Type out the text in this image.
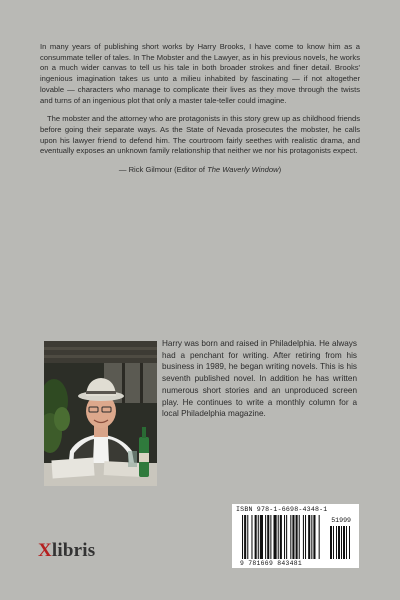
In many years of publishing short works by Harry Brooks, I have come to know him as a consummate teller of tales. In The Mobster and the Lawyer, as in his previous novels, he works on a much wider canvas to tell us his tale in both broader strokes and finer detail. Brooks' ingenious imagination takes us unto a milieu inhabited by fascinating — if not altogether lovable — characters who manage to complicate their lives as they move through the twists and turns of an ingenious plot that only a master tale-teller could imagine.

The mobster and the attorney who are protagonists in this story grew up as childhood friends before going their separate ways. As the State of Nevada prosecutes the mobster, he calls upon his lawyer friend to defend him. The courtroom fairly seethes with realistic drama, and eventually exposes an unknown family relationship that neither we nor his protagonists expect.

— Rick Gilmour (Editor of The Waverly Window)

Harry was born and raised in Philadelphia. He always had a penchant for writing. After retiring from his business in 1989, he began writing novels. This is his seventh published novel. In addition he has written numerous short stories and an unproduced screen play. He continues to write a monthly column for a local Philadelphia magazine.

Xlibris
ISBN 978-1-6698-4348-1
51999
9 781669 843481
